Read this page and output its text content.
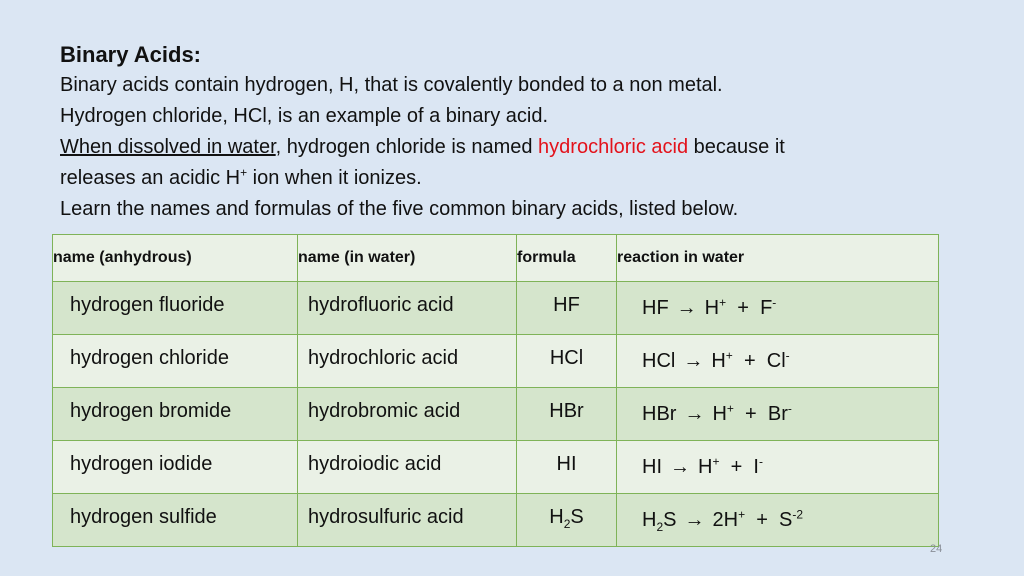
Binary Acids:
Binary acids contain hydrogen, H, that is covalently bonded to a non metal.
Hydrogen chloride, HCl, is an example of a binary acid.
When dissolved in water, hydrogen chloride is named hydrochloric acid because it
releases an acidic H+ ion when it ionizes.
Learn the names and formulas of the five common binary acids, listed below.
name (anhydrous)	name (in water)	formula	reaction in water
hydrogen fluoride	hydrofluoric acid	HF	HF → H+ + F-
hydrogen chloride	hydrochloric acid	HCl	HCl → H+ + Cl-
hydrogen bromide	hydrobromic acid	HBr	HBr → H+ + Br-
hydrogen iodide	hydroiodic acid	HI	HI → H+ + I-
hydrogen sulfide	hydrosulfuric acid	$H_2S$	$H_2S \to 2H^+ + S^{-2}$
24
